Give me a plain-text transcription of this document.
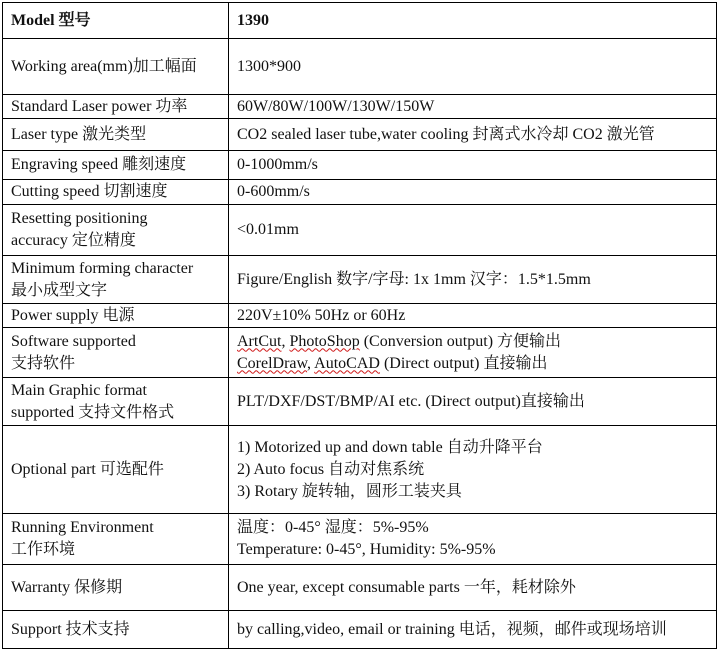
Model 型号	1390

Working area(mm)加工幅面	1300*900

Standard Laser power 功率	60W/80W/100W/130W/150W

Laser type 激光类型	CO2 sealed laser tube,water cooling 封离式水冷却 CO2 激光管

Engraving speed 雕刻速度	0-1000mm/s

Cutting speed 切割速度	0-600mm/s

Resetting positioning
accuracy 定位精度	<0.01mm

Minimum forming character
最小成型文字	Figure/English 数字/字母: 1x 1mm 汉字：1.5*1.5mm

Power supply 电源	220V±10% 50Hz or 60Hz

Software supported
支持软件	ArtCut, PhotoShop (Conversion output) 方便输出
CorelDraw, AutoCAD (Direct output) 直接输出

Main Graphic format
supported 支持文件格式	PLT/DXF/DST/BMP/AI etc. (Direct output)直接输出

Optional part 可选配件	1) Motorized up and down table 自动升降平台
2) Auto focus 自动对焦系统
3) Rotary 旋转轴，圆形工装夹具

Running Environment
工作环境	温度：0-45° 湿度：5%-95%
Temperature: 0-45°, Humidity: 5%-95%

Warranty 保修期	One year, except consumable parts 一年，耗材除外

Support 技术支持	by calling,video, email or training 电话，视频，邮件或现场培训
